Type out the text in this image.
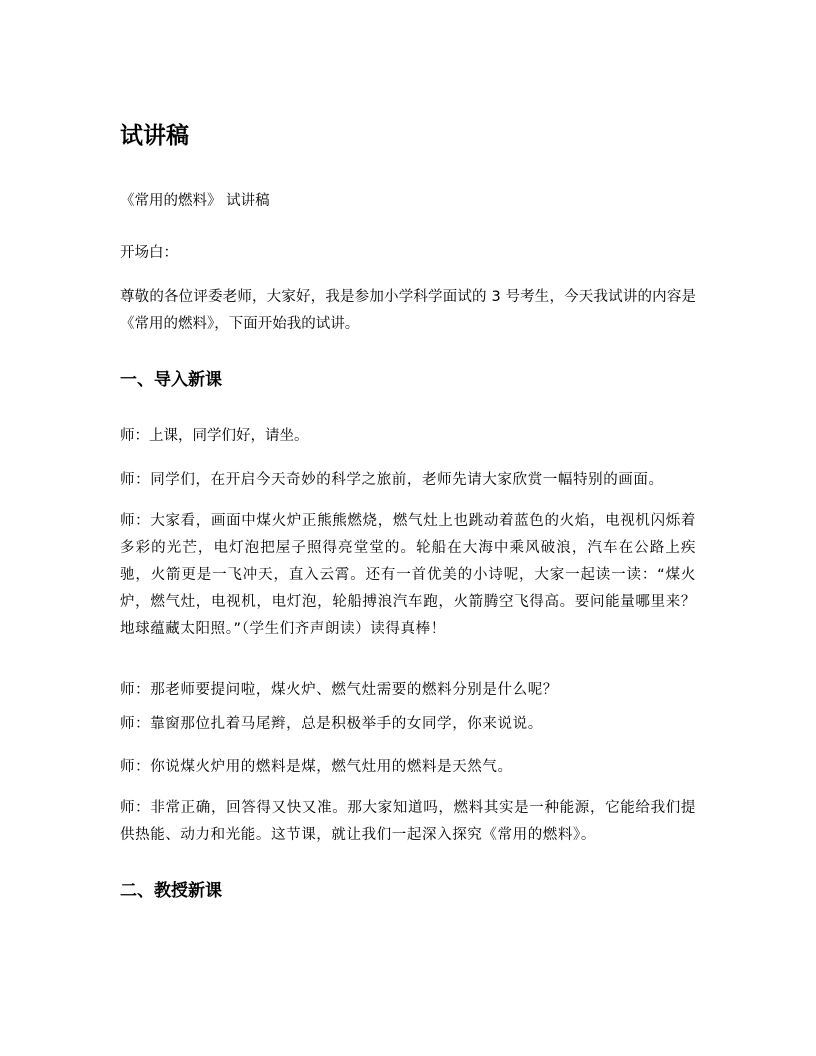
试讲稿

《常用的燃料》 试讲稿

开场白：

尊敬的各位评委老师，大家好，我是参加小学科学面试的 3 号考生，今天我试讲的内容是《常用的燃料》，下面开始我的试讲。

一、导入新课

师：上课，同学们好，请坐。

师：同学们，在开启今天奇妙的科学之旅前，老师先请大家欣赏一幅特别的画面。

师：大家看，画面中煤火炉正熊熊燃烧，燃气灶上也跳动着蓝色的火焰，电视机闪烁着多彩的光芒，电灯泡把屋子照得亮堂堂的。轮船在大海中乘风破浪，汽车在公路上疾驰，火箭更是一飞冲天，直入云霄。还有一首优美的小诗呢，大家一起读一读：“煤火炉，燃气灶，电视机，电灯泡，轮船搏浪汽车跑，火箭腾空飞得高。要问能量哪里来？地球蕴藏太阳照。”（学生们齐声朗读）读得真棒！

师：那老师要提问啦，煤火炉、燃气灶需要的燃料分别是什么呢？

师：靠窗那位扎着马尾辫，总是积极举手的女同学，你来说说。

师：你说煤火炉用的燃料是煤，燃气灶用的燃料是天然气。

师：非常正确，回答得又快又准。那大家知道吗，燃料其实是一种能源，它能给我们提供热能、动力和光能。这节课，就让我们一起深入探究《常用的燃料》。

二、教授新课
